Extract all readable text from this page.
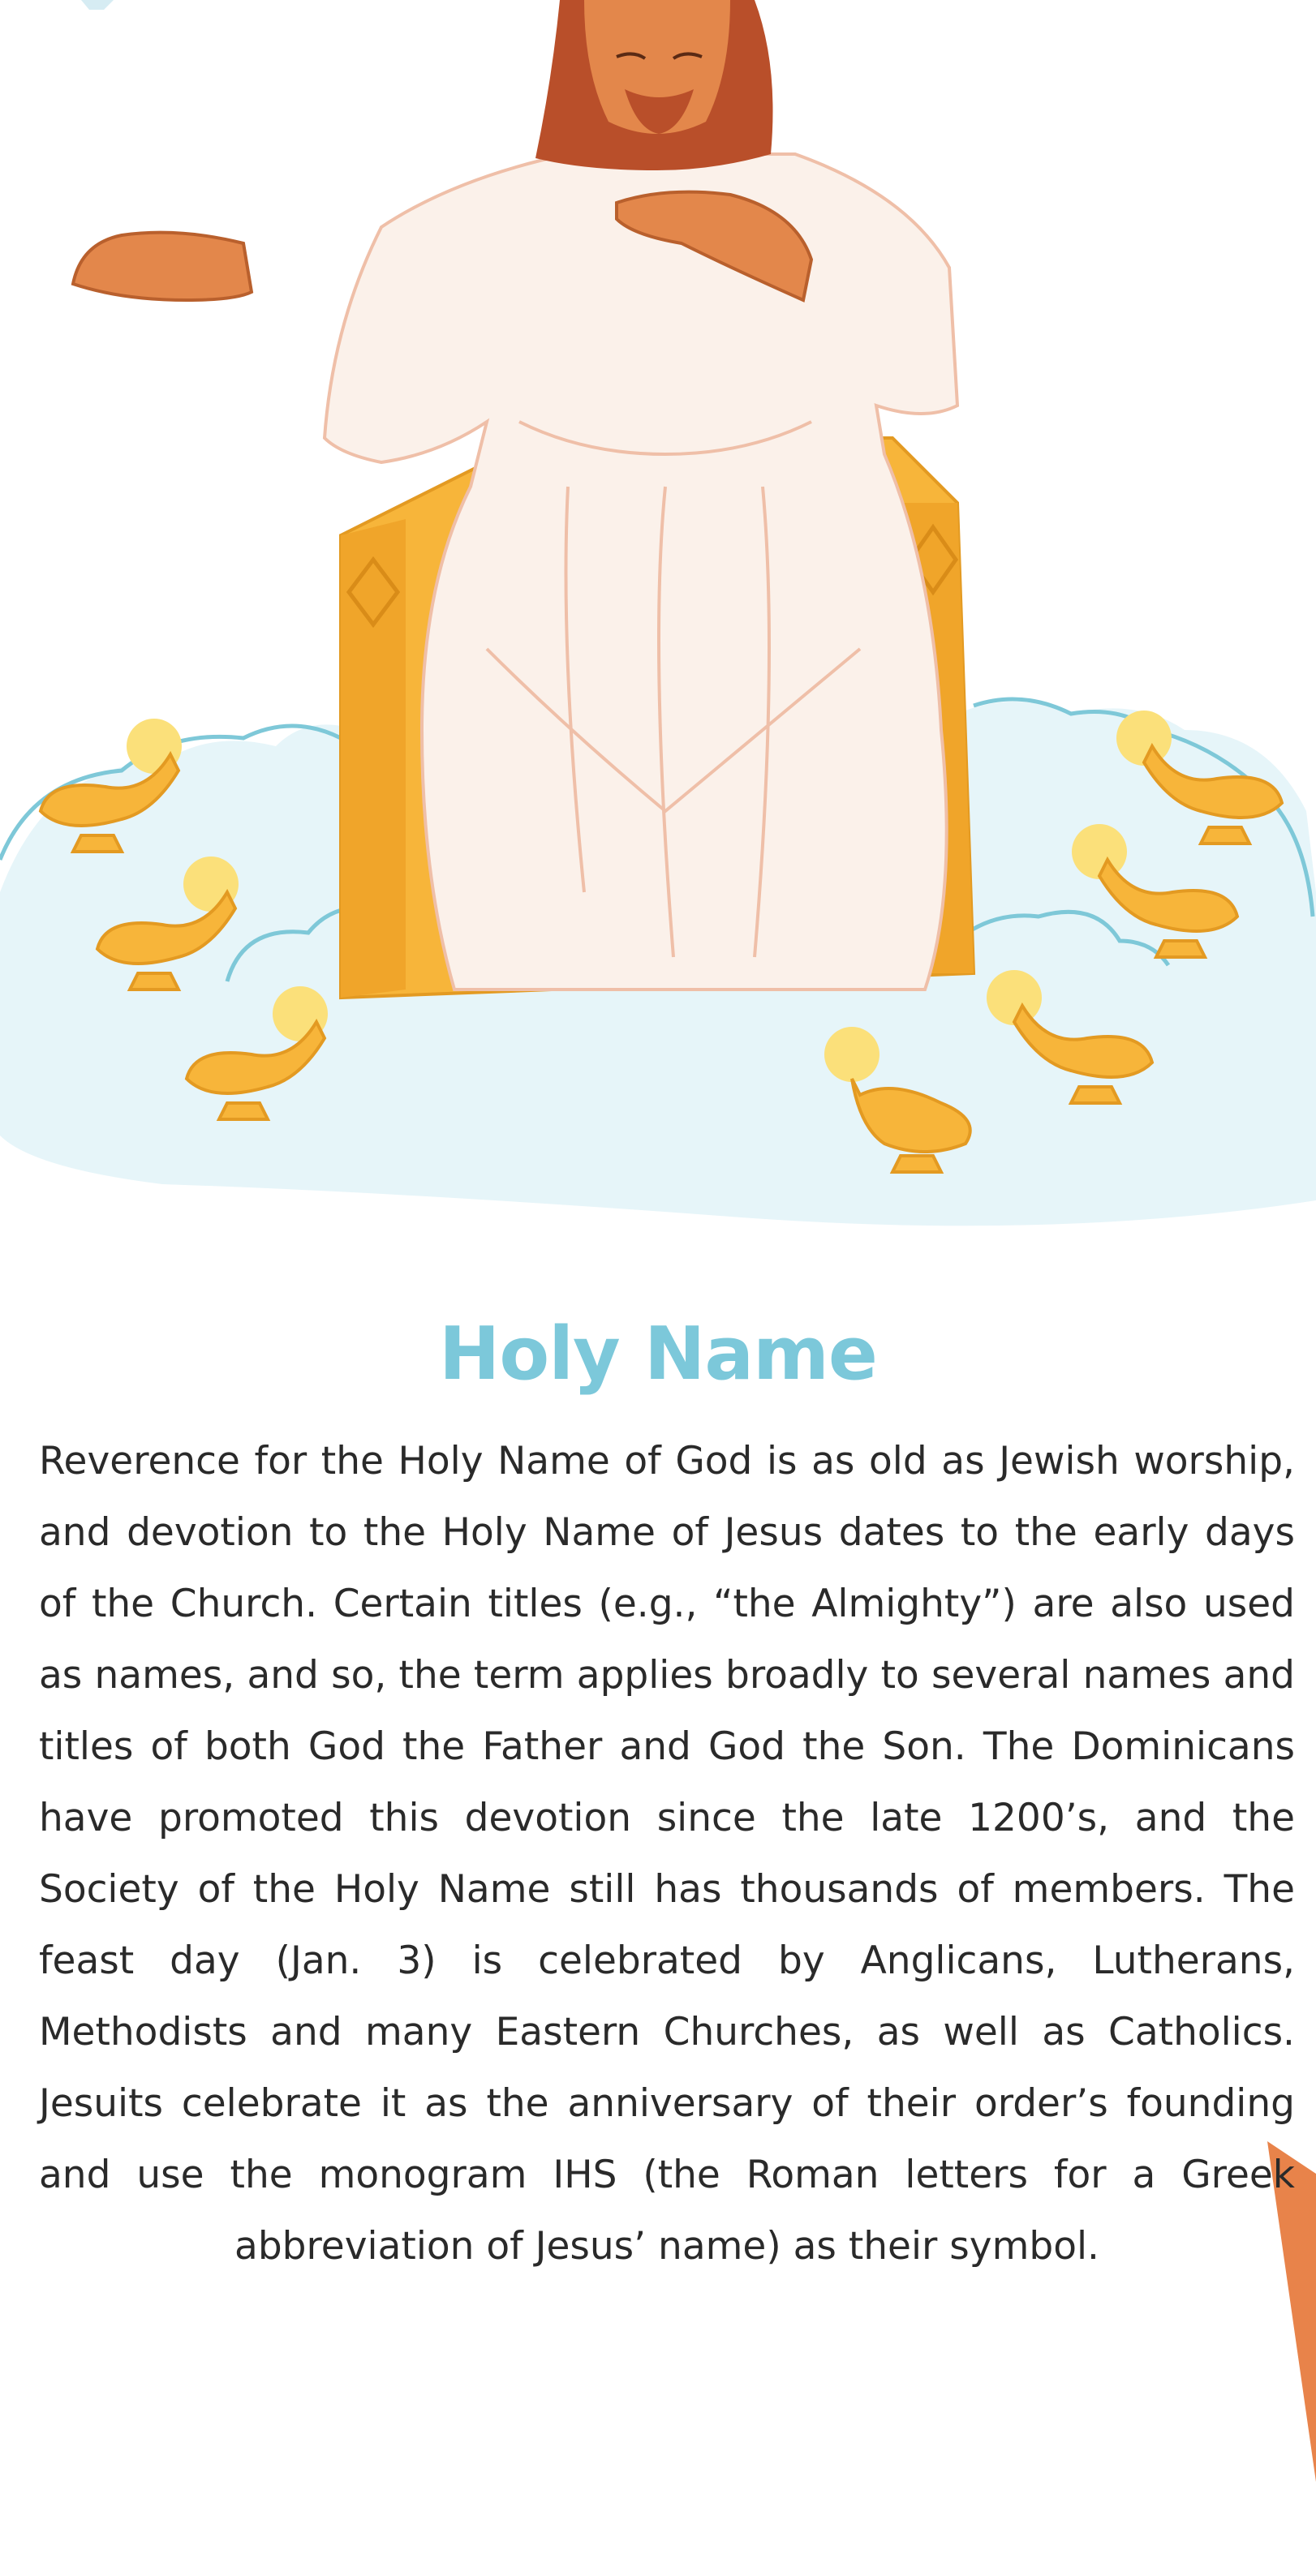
Holy Name

Reverence for the Holy Name of God is as old as Jewish worship, and devotion to the Holy Name of Jesus dates to the early days of the Church. Certain titles (e.g., “the Almighty”) are also used as names, and so, the term applies broadly to several names and titles of both God the Father and God the Son. The Dominicans have promoted this devotion since the late 1200’s, and the Society of the Holy Name still has thousands of members. The feast day (Jan. 3) is celebrated by Anglicans, Lutherans, Methodists and many Eastern Churches, as well as Catholics. Jesuits celebrate it as the anniversary of their order’s founding and use the monogram IHS (the Roman letters for a Greek abbreviation of Jesus’ name) as their symbol.
